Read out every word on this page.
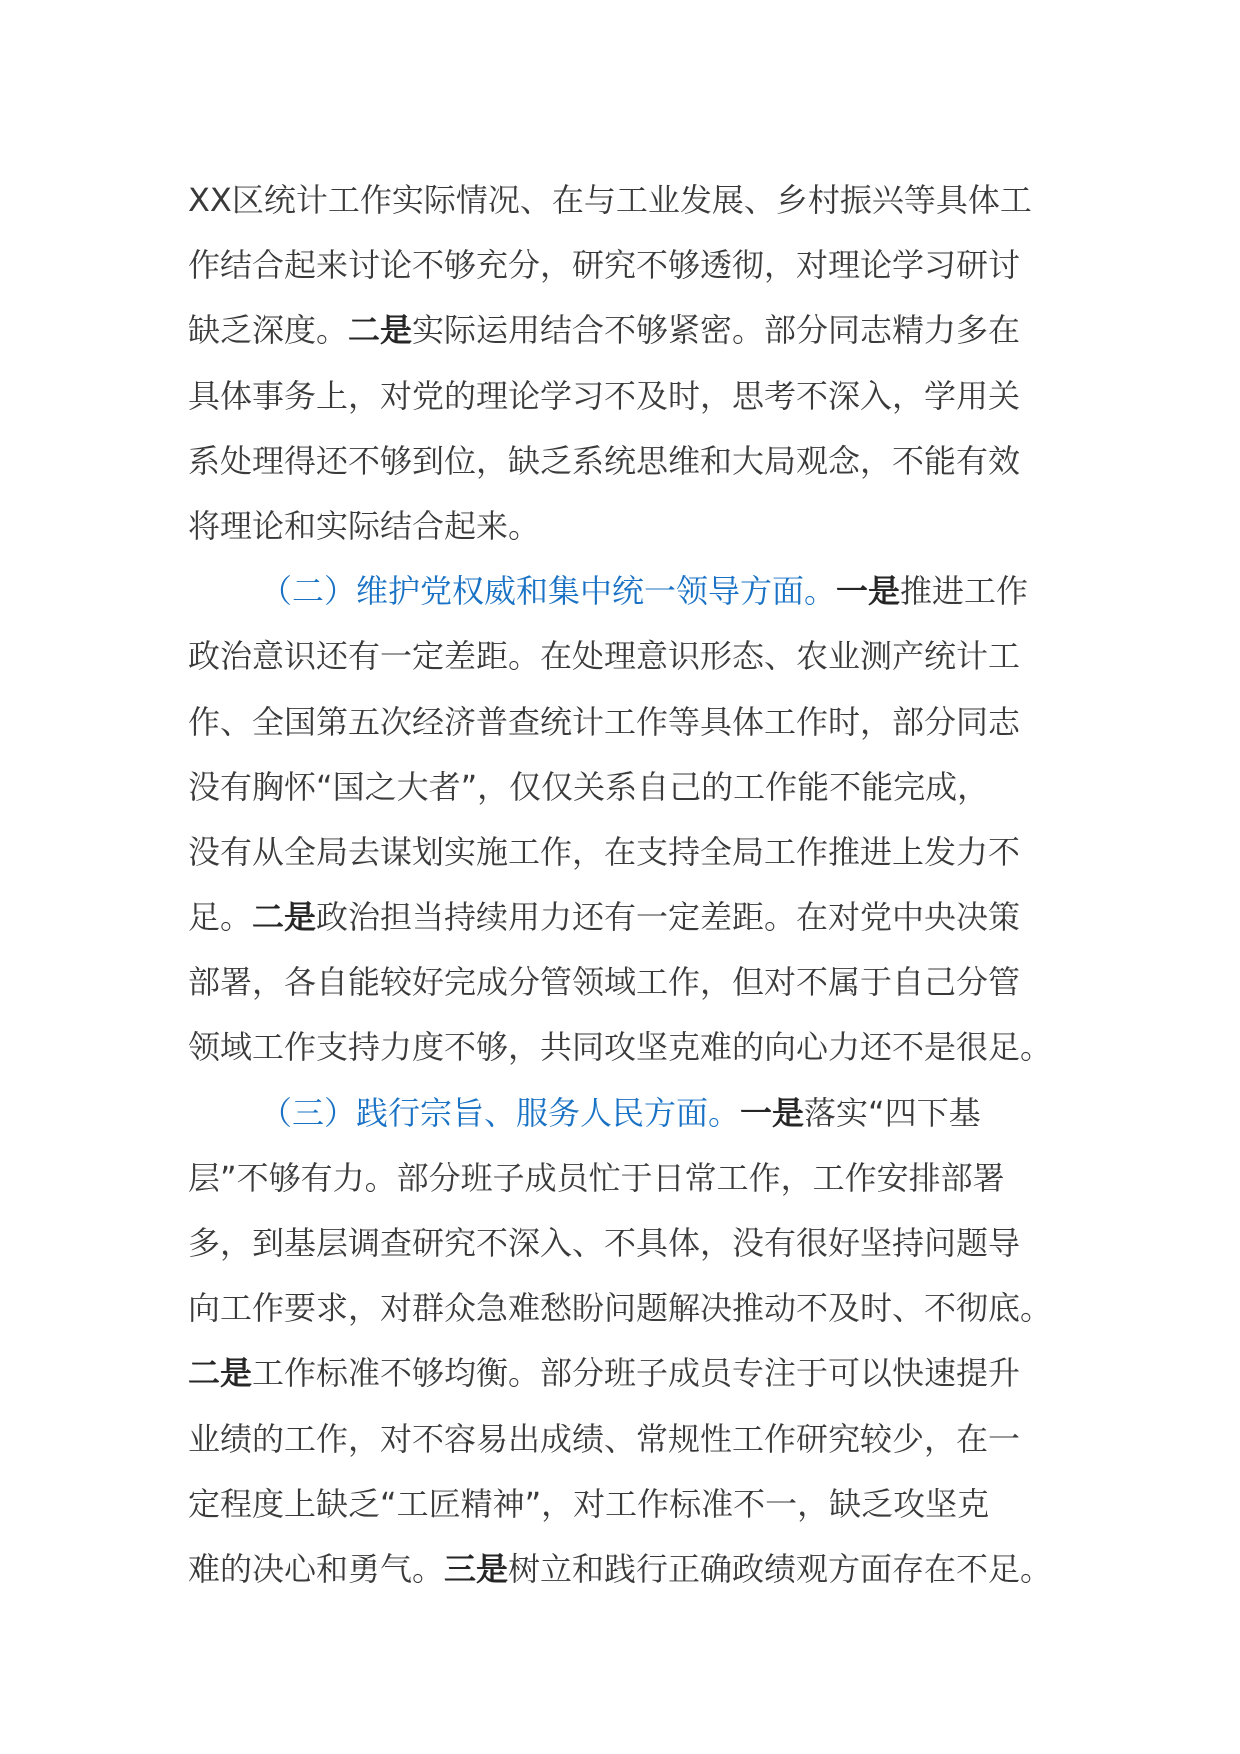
XX区统计工作实际情况、在与工业发展、乡村振兴等具体工
作结合起来讨论不够充分，研究不够透彻，对理论学习研讨
缺乏深度。二是实际运用结合不够紧密。部分同志精力多在
具体事务上，对党的理论学习不及时，思考不深入，学用关
系处理得还不够到位，缺乏系统思维和大局观念，不能有效
将理论和实际结合起来。
（二）维护党权威和集中统一领导方面。一是推进工作
政治意识还有一定差距。在处理意识形态、农业测产统计工
作、全国第五次经济普查统计工作等具体工作时，部分同志
没有胸怀“国之大者”，仅仅关系自己的工作能不能完成，
没有从全局去谋划实施工作，在支持全局工作推进上发力不
足。二是政治担当持续用力还有一定差距。在对党中央决策
部署，各自能较好完成分管领域工作，但对不属于自己分管
领域工作支持力度不够，共同攻坚克难的向心力还不是很足。
（三）践行宗旨、服务人民方面。一是落实“四下基
层”不够有力。部分班子成员忙于日常工作，工作安排部署
多，到基层调查研究不深入、不具体，没有很好坚持问题导
向工作要求，对群众急难愁盼问题解决推动不及时、不彻底。
二是工作标准不够均衡。部分班子成员专注于可以快速提升
业绩的工作，对不容易出成绩、常规性工作研究较少，在一
定程度上缺乏“工匠精神”，对工作标准不一，缺乏攻坚克
难的决心和勇气。三是树立和践行正确政绩观方面存在不足。
